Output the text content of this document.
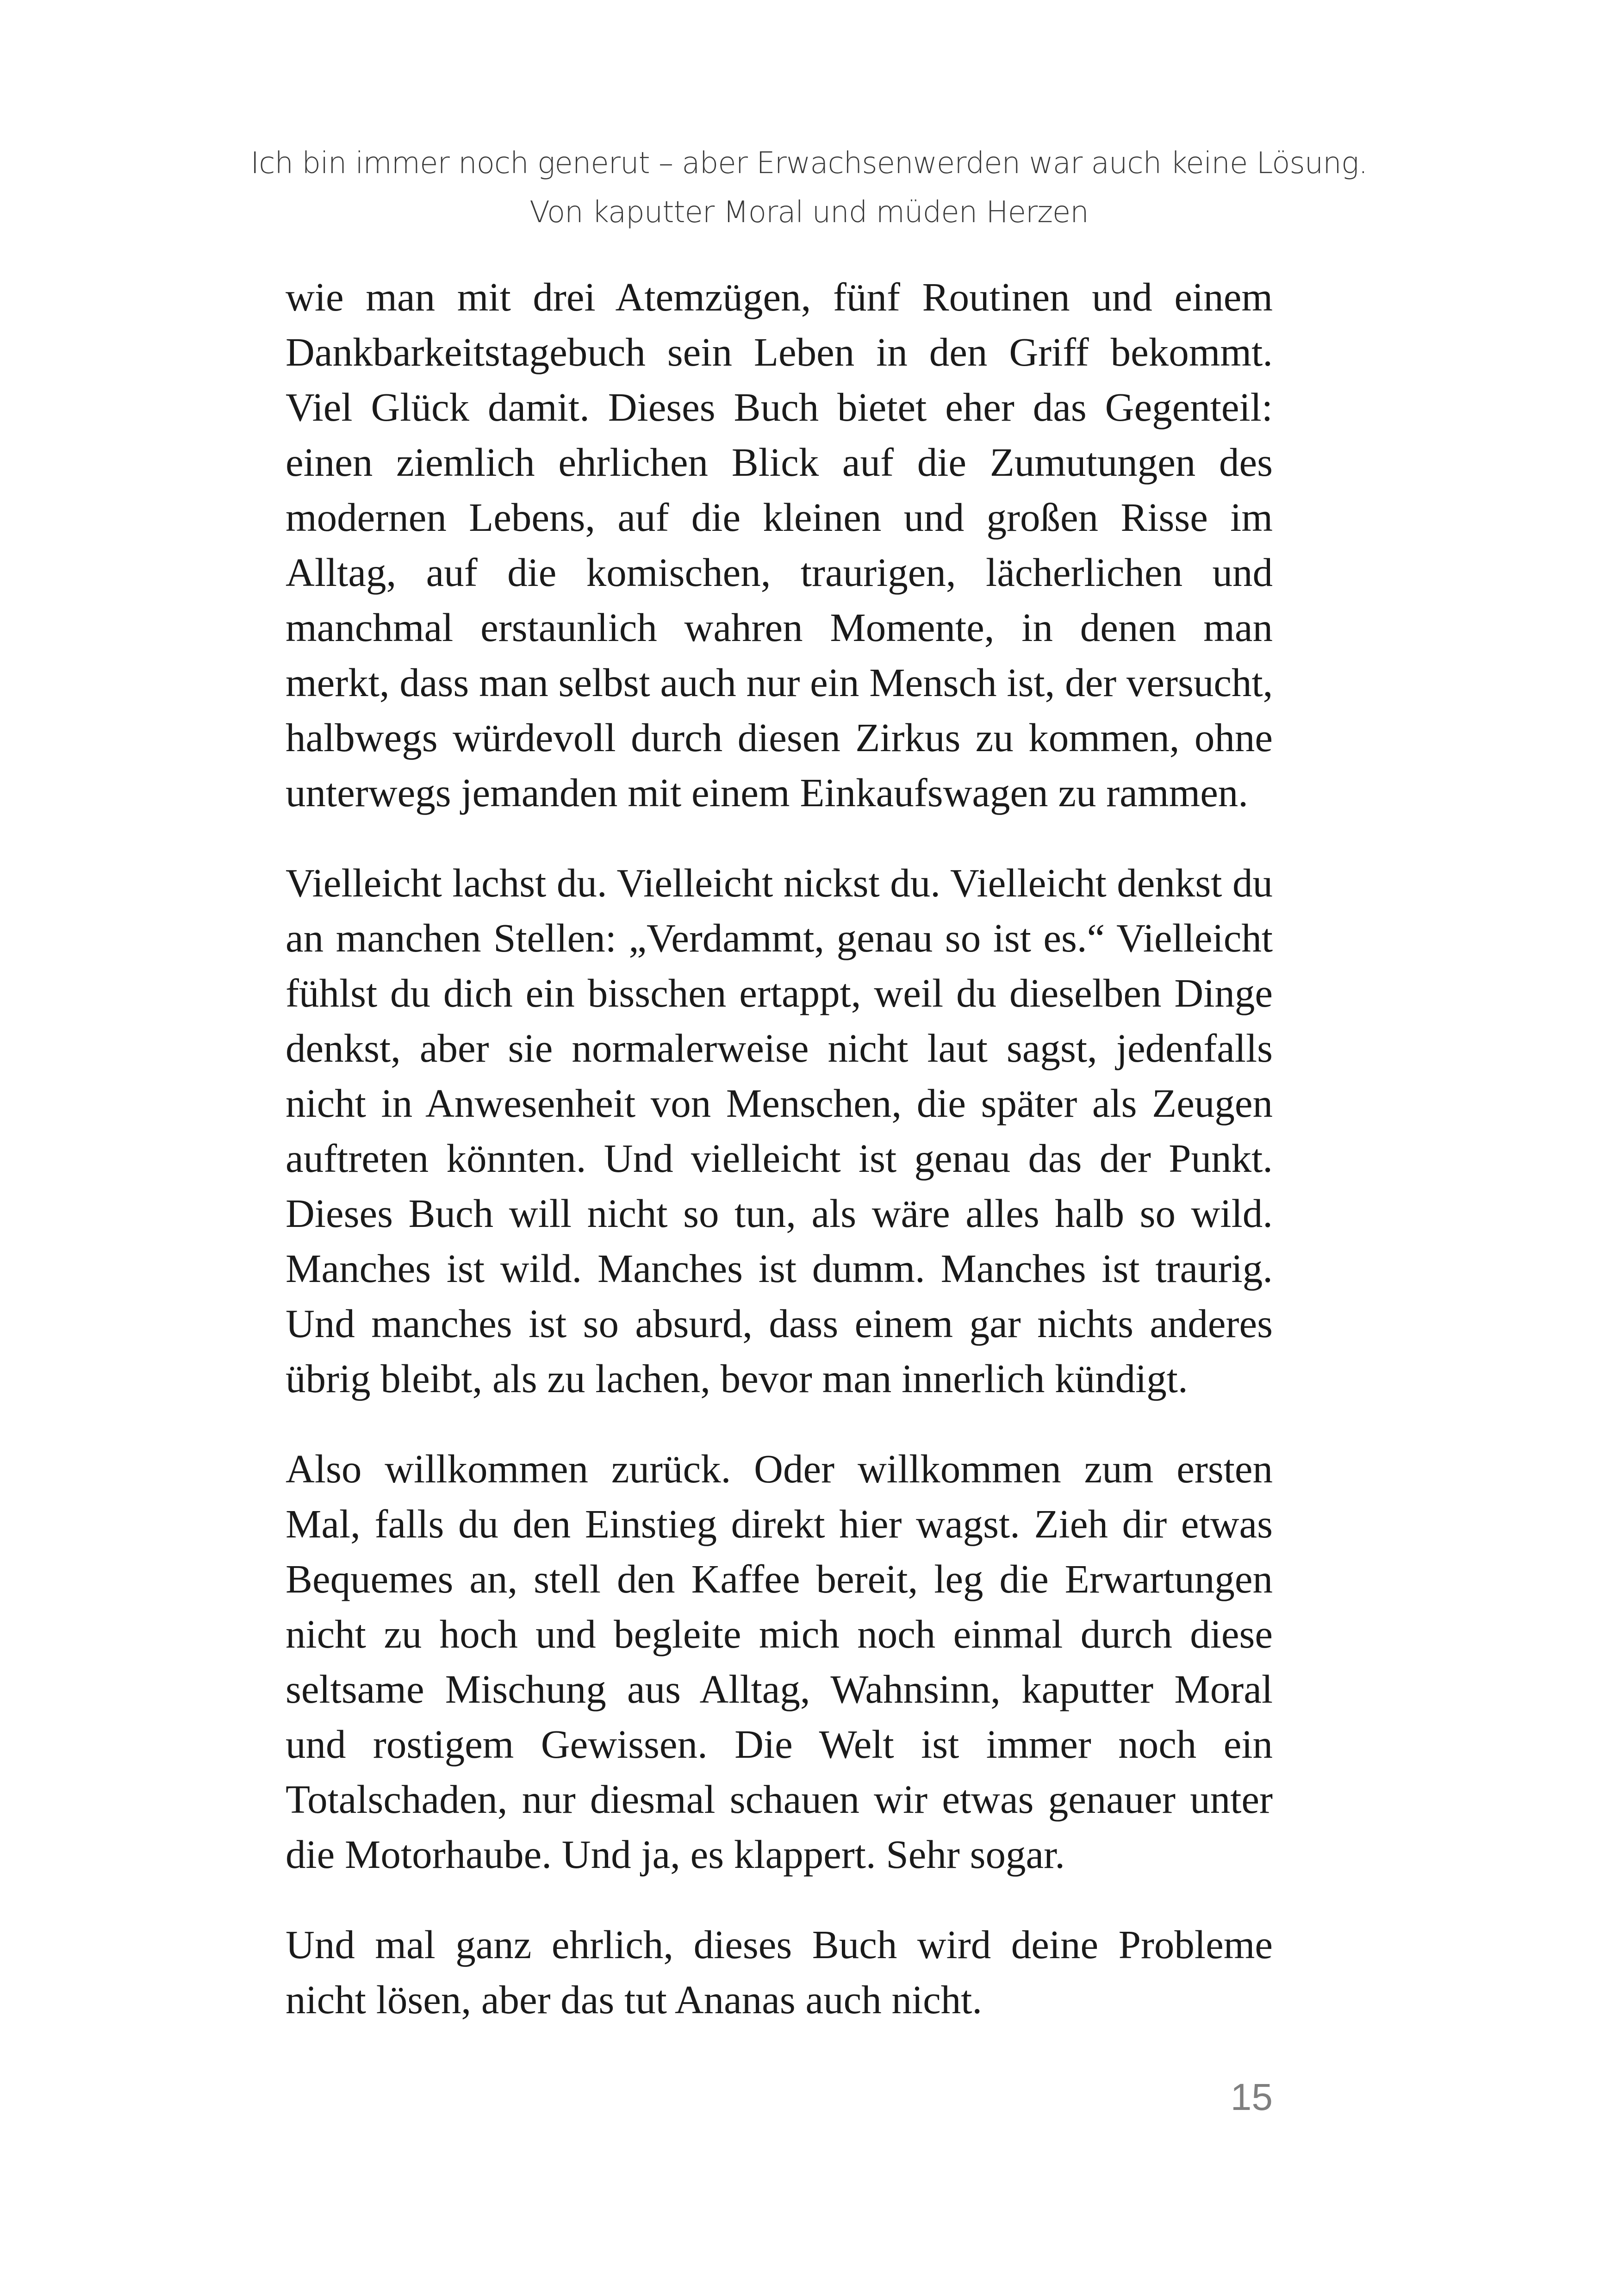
Ich bin immer noch generut – aber Erwachsenwerden war auch keine Lösung.
Von kaputter Moral und müden Herzen
wie man mit drei Atemzügen, fünf Routinen und einem
Dankbarkeitstagebuch sein Leben in den Griff bekommt.
Viel Glück damit. Dieses Buch bietet eher das Gegenteil:
einen ziemlich ehrlichen Blick auf die Zumutungen des
modernen Lebens, auf die kleinen und großen Risse im
Alltag, auf die komischen, traurigen, lächerlichen und
manchmal erstaunlich wahren Momente, in denen man
merkt, dass man selbst auch nur ein Mensch ist, der versucht,
halbwegs würdevoll durch diesen Zirkus zu kommen, ohne
unterwegs jemanden mit einem Einkaufswagen zu rammen.
Vielleicht lachst du. Vielleicht nickst du. Vielleicht denkst du
an manchen Stellen: „Verdammt, genau so ist es.“ Vielleicht
fühlst du dich ein bisschen ertappt, weil du dieselben Dinge
denkst, aber sie normalerweise nicht laut sagst, jedenfalls
nicht in Anwesenheit von Menschen, die später als Zeugen
auftreten könnten. Und vielleicht ist genau das der Punkt.
Dieses Buch will nicht so tun, als wäre alles halb so wild.
Manches ist wild. Manches ist dumm. Manches ist traurig.
Und manches ist so absurd, dass einem gar nichts anderes
übrig bleibt, als zu lachen, bevor man innerlich kündigt.
Also willkommen zurück. Oder willkommen zum ersten
Mal, falls du den Einstieg direkt hier wagst. Zieh dir etwas
Bequemes an, stell den Kaffee bereit, leg die Erwartungen
nicht zu hoch und begleite mich noch einmal durch diese
seltsame Mischung aus Alltag, Wahnsinn, kaputter Moral
und rostigem Gewissen. Die Welt ist immer noch ein
Totalschaden, nur diesmal schauen wir etwas genauer unter
die Motorhaube. Und ja, es klappert. Sehr sogar.
Und mal ganz ehrlich, dieses Buch wird deine Probleme
nicht lösen, aber das tut Ananas auch nicht.
15
